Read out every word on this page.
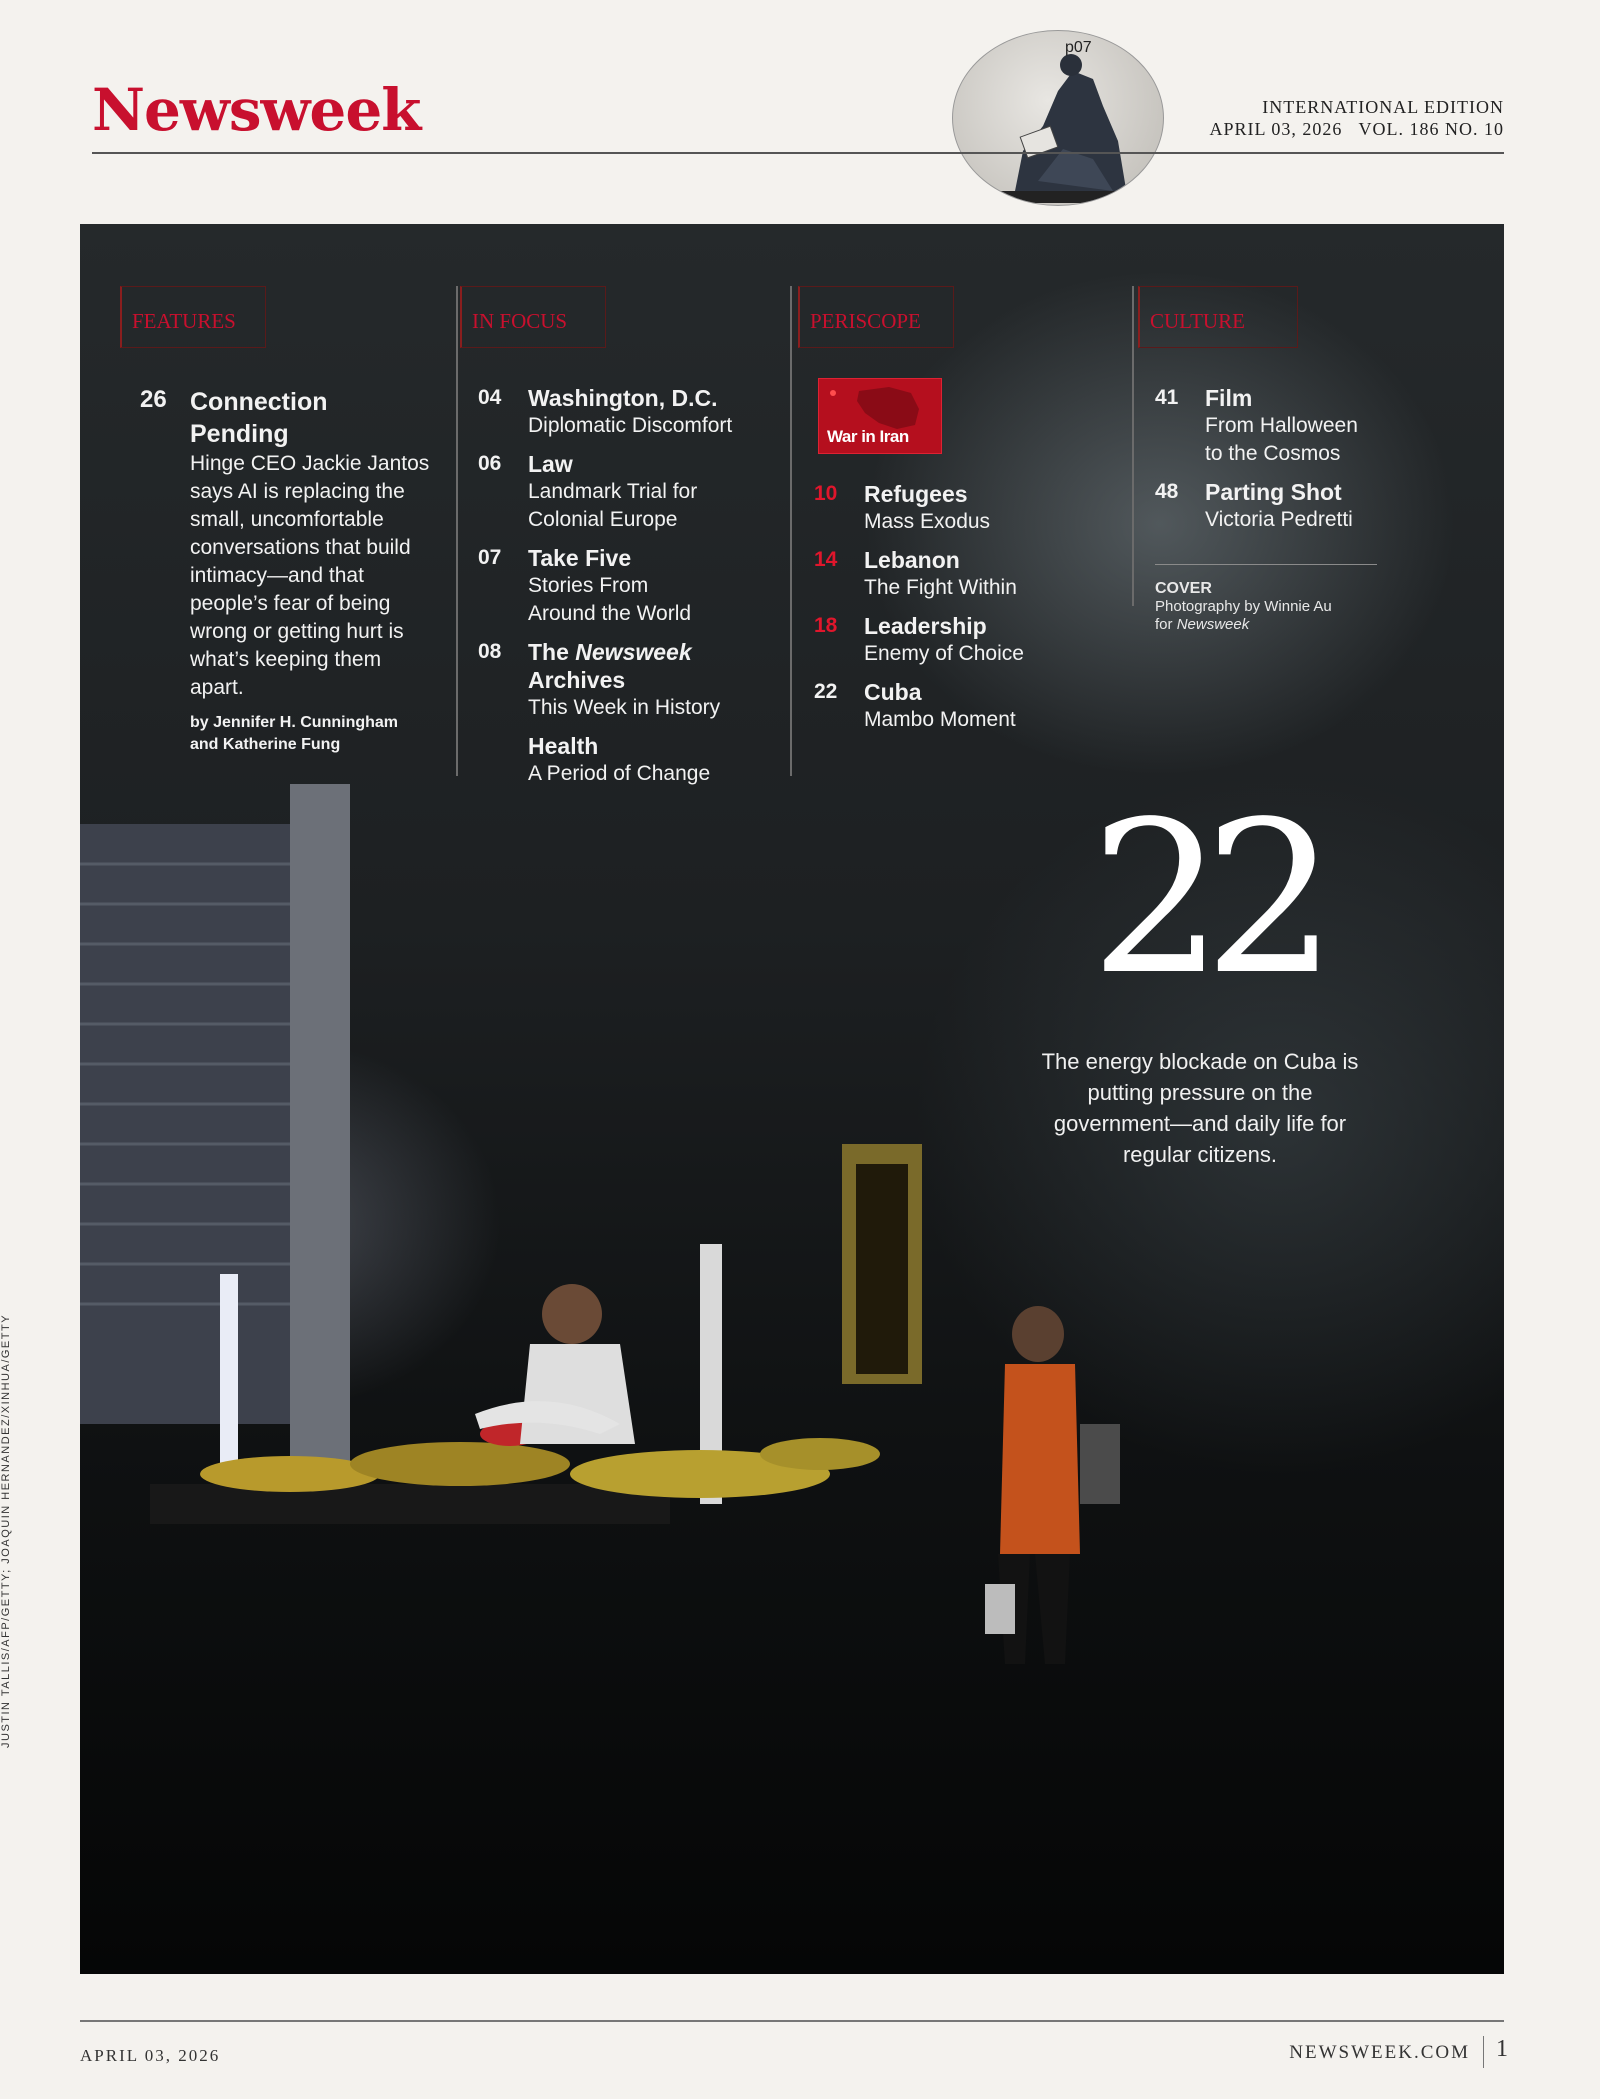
Newsweek
p07
INTERNATIONAL EDITION
APRIL 03, 2026   VOL. 186 NO. 10
FEATURES	IN FOCUS	PERISCOPE	CULTURE
26 Connection Pending
Hinge CEO Jackie Jantos says AI is replacing the small, uncomfortable conversations that build intimacy—and that people’s fear of being wrong or getting hurt is what’s keeping them apart.
by Jennifer H. Cunningham
and Katherine Fung
04 Washington, D.C.
Diplomatic Discomfort
06 Law
Landmark Trial for Colonial Europe
07 Take Five
Stories From Around the World
08 The Newsweek
Archives
This Week in History
Health
A Period of Change
War in Iran
10 Refugees
Mass Exodus
14 Lebanon
The Fight Within
18 Leadership
Enemy of Choice
22 Cuba
Mambo Moment
41 Film
From Halloween to the Cosmos
48 Parting Shot
Victoria Pedretti
COVER
Photography by Winnie Au
for Newsweek
22
The energy blockade on Cuba is putting pressure on the government—and daily life for regular citizens.
JUSTIN TALLIS/AFP/GETTY; JOAQUIN HERNANDEZ/XINHUA/GETTY
APRIL 03, 2026	NEWSWEEK.COM 1
